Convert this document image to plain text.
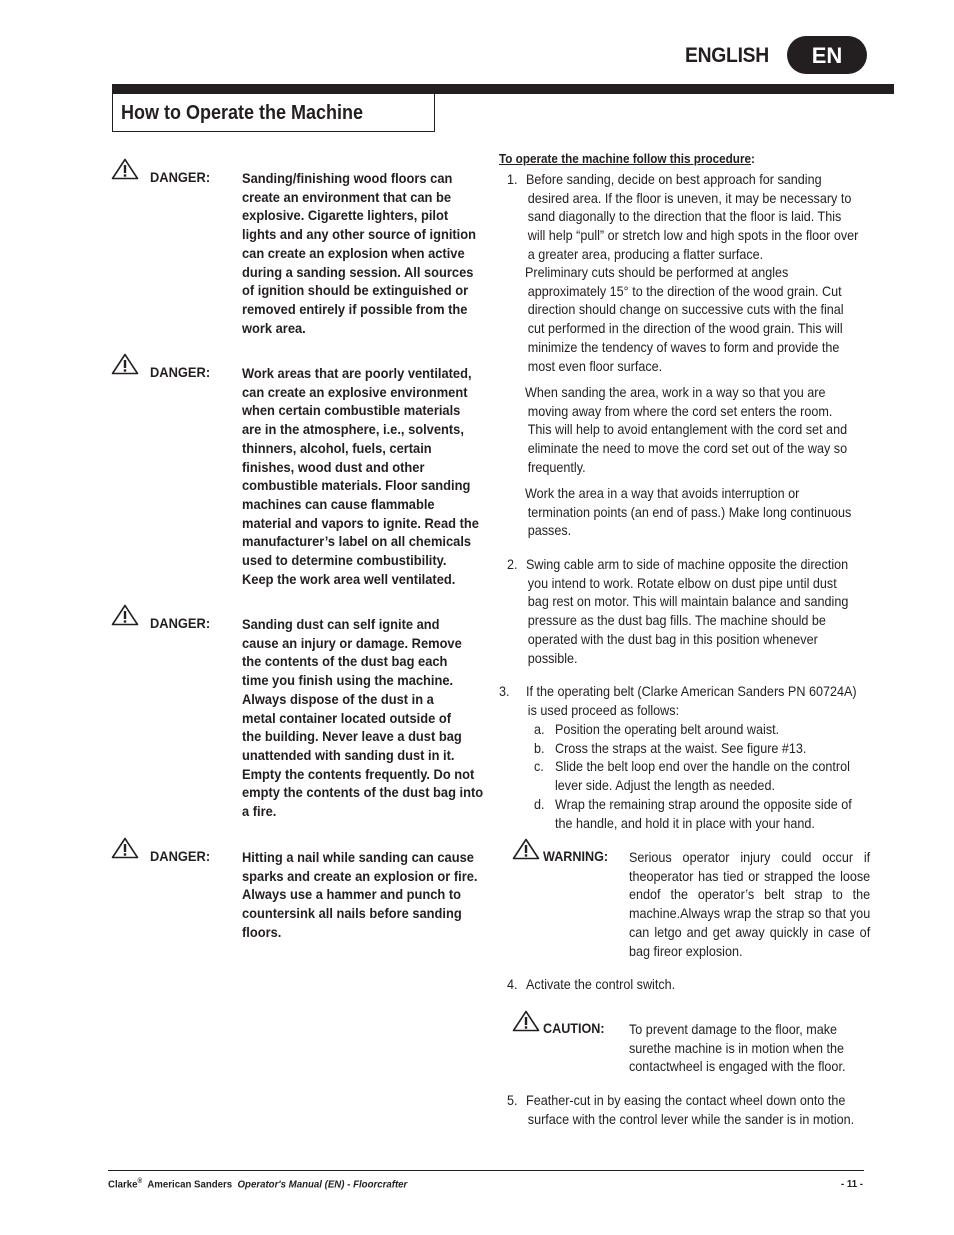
ENGLISH	EN
How to Operate the Machine
DANGER: Sanding/finishing wood floors can
create an environment that can be
explosive. Cigarette lighters, pilot
lights and any other source of ignition
can create an explosion when active
during a sanding session. All sources
of ignition should be extinguished or
removed entirely if possible from the
work area.
DANGER: Work areas that are poorly ventilated,
can create an explosive environment
when certain combustible materials
are in the atmosphere, i.e., solvents,
thinners, alcohol, fuels, certain
finishes, wood dust and other
combustible materials. Floor sanding
machines can cause flammable
material and vapors to ignite. Read the
manufacturer’s label on all chemicals
used to determine combustibility.
Keep the work area well ventilated.
DANGER: Sanding dust can self ignite and
cause an injury or damage. Remove
the contents of the dust bag each
time you finish using the machine.
Always dispose of the dust in a
metal container located outside of
the building. Never leave a dust bag
unattended with sanding dust in it.
Empty the contents frequently. Do not
empty the contents of the dust bag into
a fire.
DANGER: Hitting a nail while sanding can cause
sparks and create an explosion or fire.
Always use a hammer and punch to
countersink all nails before sanding
floors.
To operate the machine follow this procedure:
1. Before sanding, decide on best approach for sanding
desired area. If the floor is uneven, it may be necessary to
sand diagonally to the direction that the floor is laid. This
will help “pull” or stretch low and high spots in the floor over
a greater area, producing a flatter surface.
Preliminary cuts should be performed at angles
approximately 15° to the direction of the wood grain. Cut
direction should change on successive cuts with the final
cut performed in the direction of the wood grain. This will
minimize the tendency of waves to form and provide the
most even floor surface.
When sanding the area, work in a way so that you are
moving away from where the cord set enters the room.
This will help to avoid entanglement with the cord set and
eliminate the need to move the cord set out of the way so
frequently.
Work the area in a way that avoids interruption or
termination points (an end of pass.) Make long continuous
passes.
2. Swing cable arm to side of machine opposite the direction
you intend to work. Rotate elbow on dust pipe until dust
bag rest on motor. This will maintain balance and sanding
pressure as the dust bag fills. The machine should be
operated with the dust bag in this position whenever
possible.
3. If the operating belt (Clarke American Sanders PN 60724A)
is used proceed as follows:
a. Position the operating belt around waist.
b. Cross the straps at the waist. See figure #13.
c. Slide the belt loop end over the handle on the control
lever side. Adjust the length as needed.
d. Wrap the remaining strap around the opposite side of
the handle, and hold it in place with your hand.
WARNING: Serious operator injury could occur if theoperator has tied or strapped the loose endof the operator’s belt strap to the machine.Always wrap the strap so that you can letgo and get away quickly in case of bag fireor explosion.
4. Activate the control switch.
CAUTION: To prevent damage to the floor, make surethe machine is in motion when the contactwheel is engaged with the floor.
5. Feather-cut in by easing the contact wheel down onto the
surface with the control lever while the sander is in motion.
Clarke® American Sanders Operator's Manual (EN) - Floorcrafter	- 11 -
